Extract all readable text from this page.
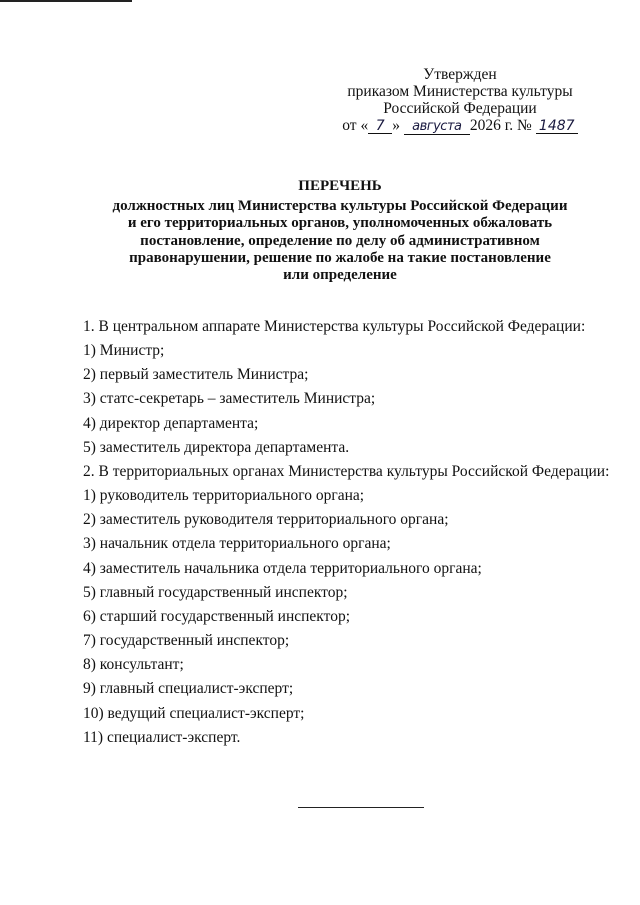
Утвержден
приказом Министерства культуры
Российской Федерации
от « 7 » августа 2026 г. № 1487
ПЕРЕЧЕНЬ
должностных лиц Министерства культуры Российской Федерации
и его территориальных органов, уполномоченных обжаловать
постановление, определение по делу об административном
правонарушении, решение по жалобе на такие постановление
или определение
1. В центральном аппарате Министерства культуры Российской Федерации:
1) Министр;
2) первый заместитель Министра;
3) статс-секретарь – заместитель Министра;
4) директор департамента;
5) заместитель директора департамента.
2. В территориальных органах Министерства культуры Российской Федерации:
1) руководитель территориального органа;
2) заместитель руководителя территориального органа;
3) начальник отдела территориального органа;
4) заместитель начальника отдела территориального органа;
5) главный государственный инспектор;
6) старший государственный инспектор;
7) государственный инспектор;
8) консультант;
9) главный специалист-эксперт;
10) ведущий специалист-эксперт;
11) специалист-эксперт.
